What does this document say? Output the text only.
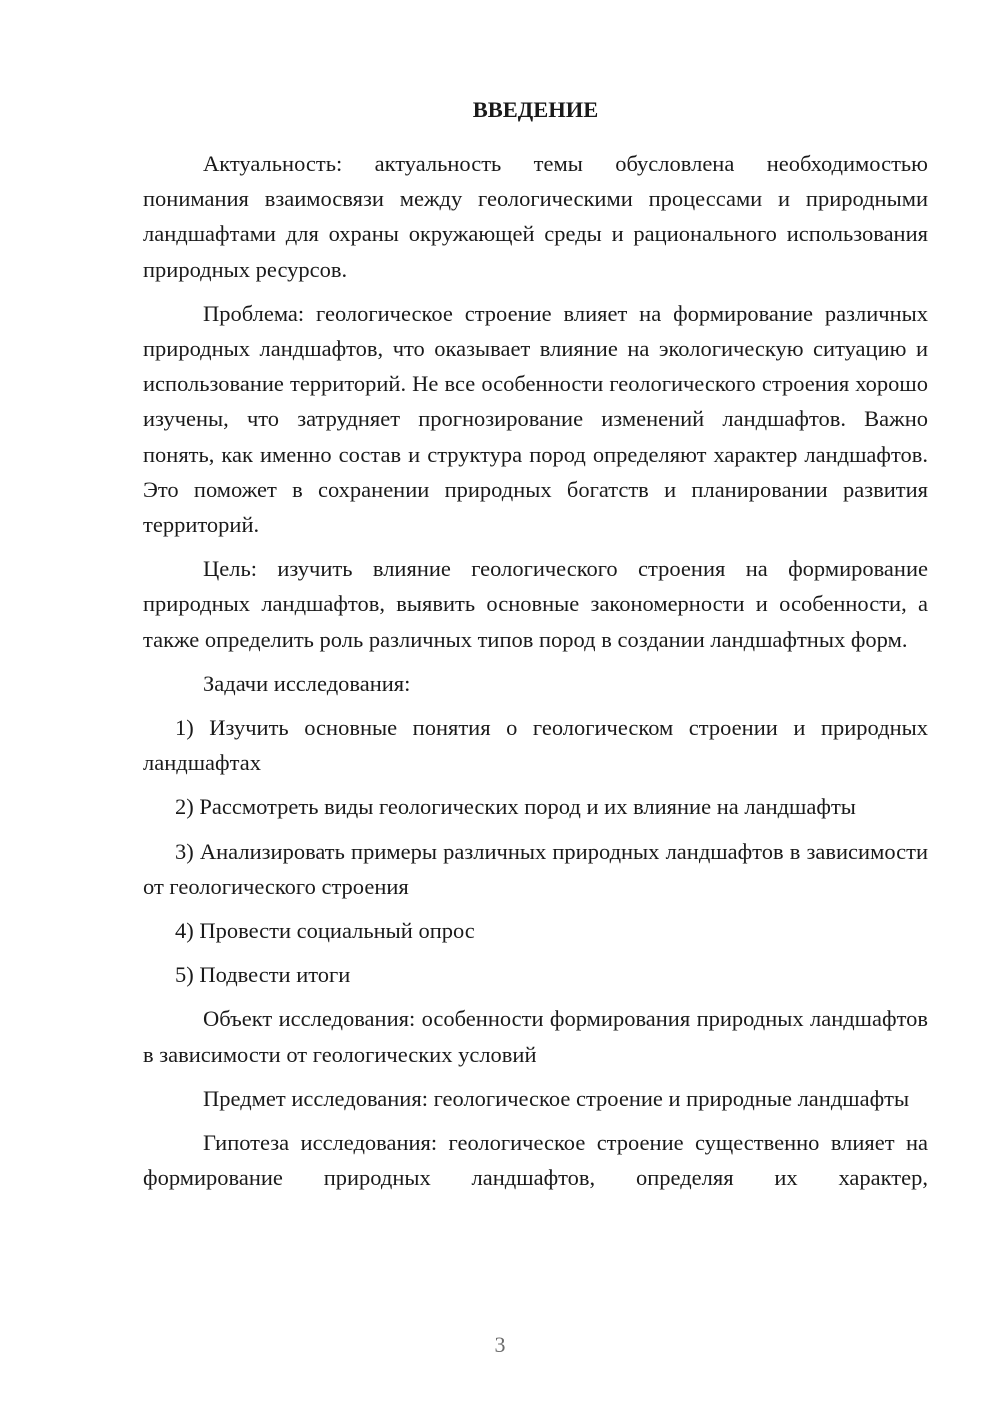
ВВЕДЕНИЕ

Актуальность: актуальность темы обусловлена необходимостью понимания взаимосвязи между геологическими процессами и природными ландшафтами для охраны окружающей среды и рационального использования природных ресурсов.

Проблема: геологическое строение влияет на формирование различных природных ландшафтов, что оказывает влияние на экологическую ситуацию и использование территорий. Не все особенности геологического строения хорошо изучены, что затрудняет прогнозирование изменений ландшафтов. Важно понять, как именно состав и структура пород определяют характер ландшафтов. Это поможет в сохранении природных богатств и планировании развития территорий.

Цель: изучить влияние геологического строения на формирование природных ландшафтов, выявить основные закономерности и особенности, а также определить роль различных типов пород в создании ландшафтных форм.

Задачи исследования:

1) Изучить основные понятия о геологическом строении и природных ландшафтах

2) Рассмотреть виды геологических пород и их влияние на ландшафты

3) Анализировать примеры различных природных ландшафтов в зависимости от геологического строения

4) Провести социальный опрос

5) Подвести итоги

Объект исследования: особенности формирования природных ландшафтов в зависимости от геологических условий

Предмет исследования: геологическое строение и природные ландшафты

Гипотеза исследования: геологическое строение существенно влияет на формирование природных ландшафтов, определяя их характер,

3
